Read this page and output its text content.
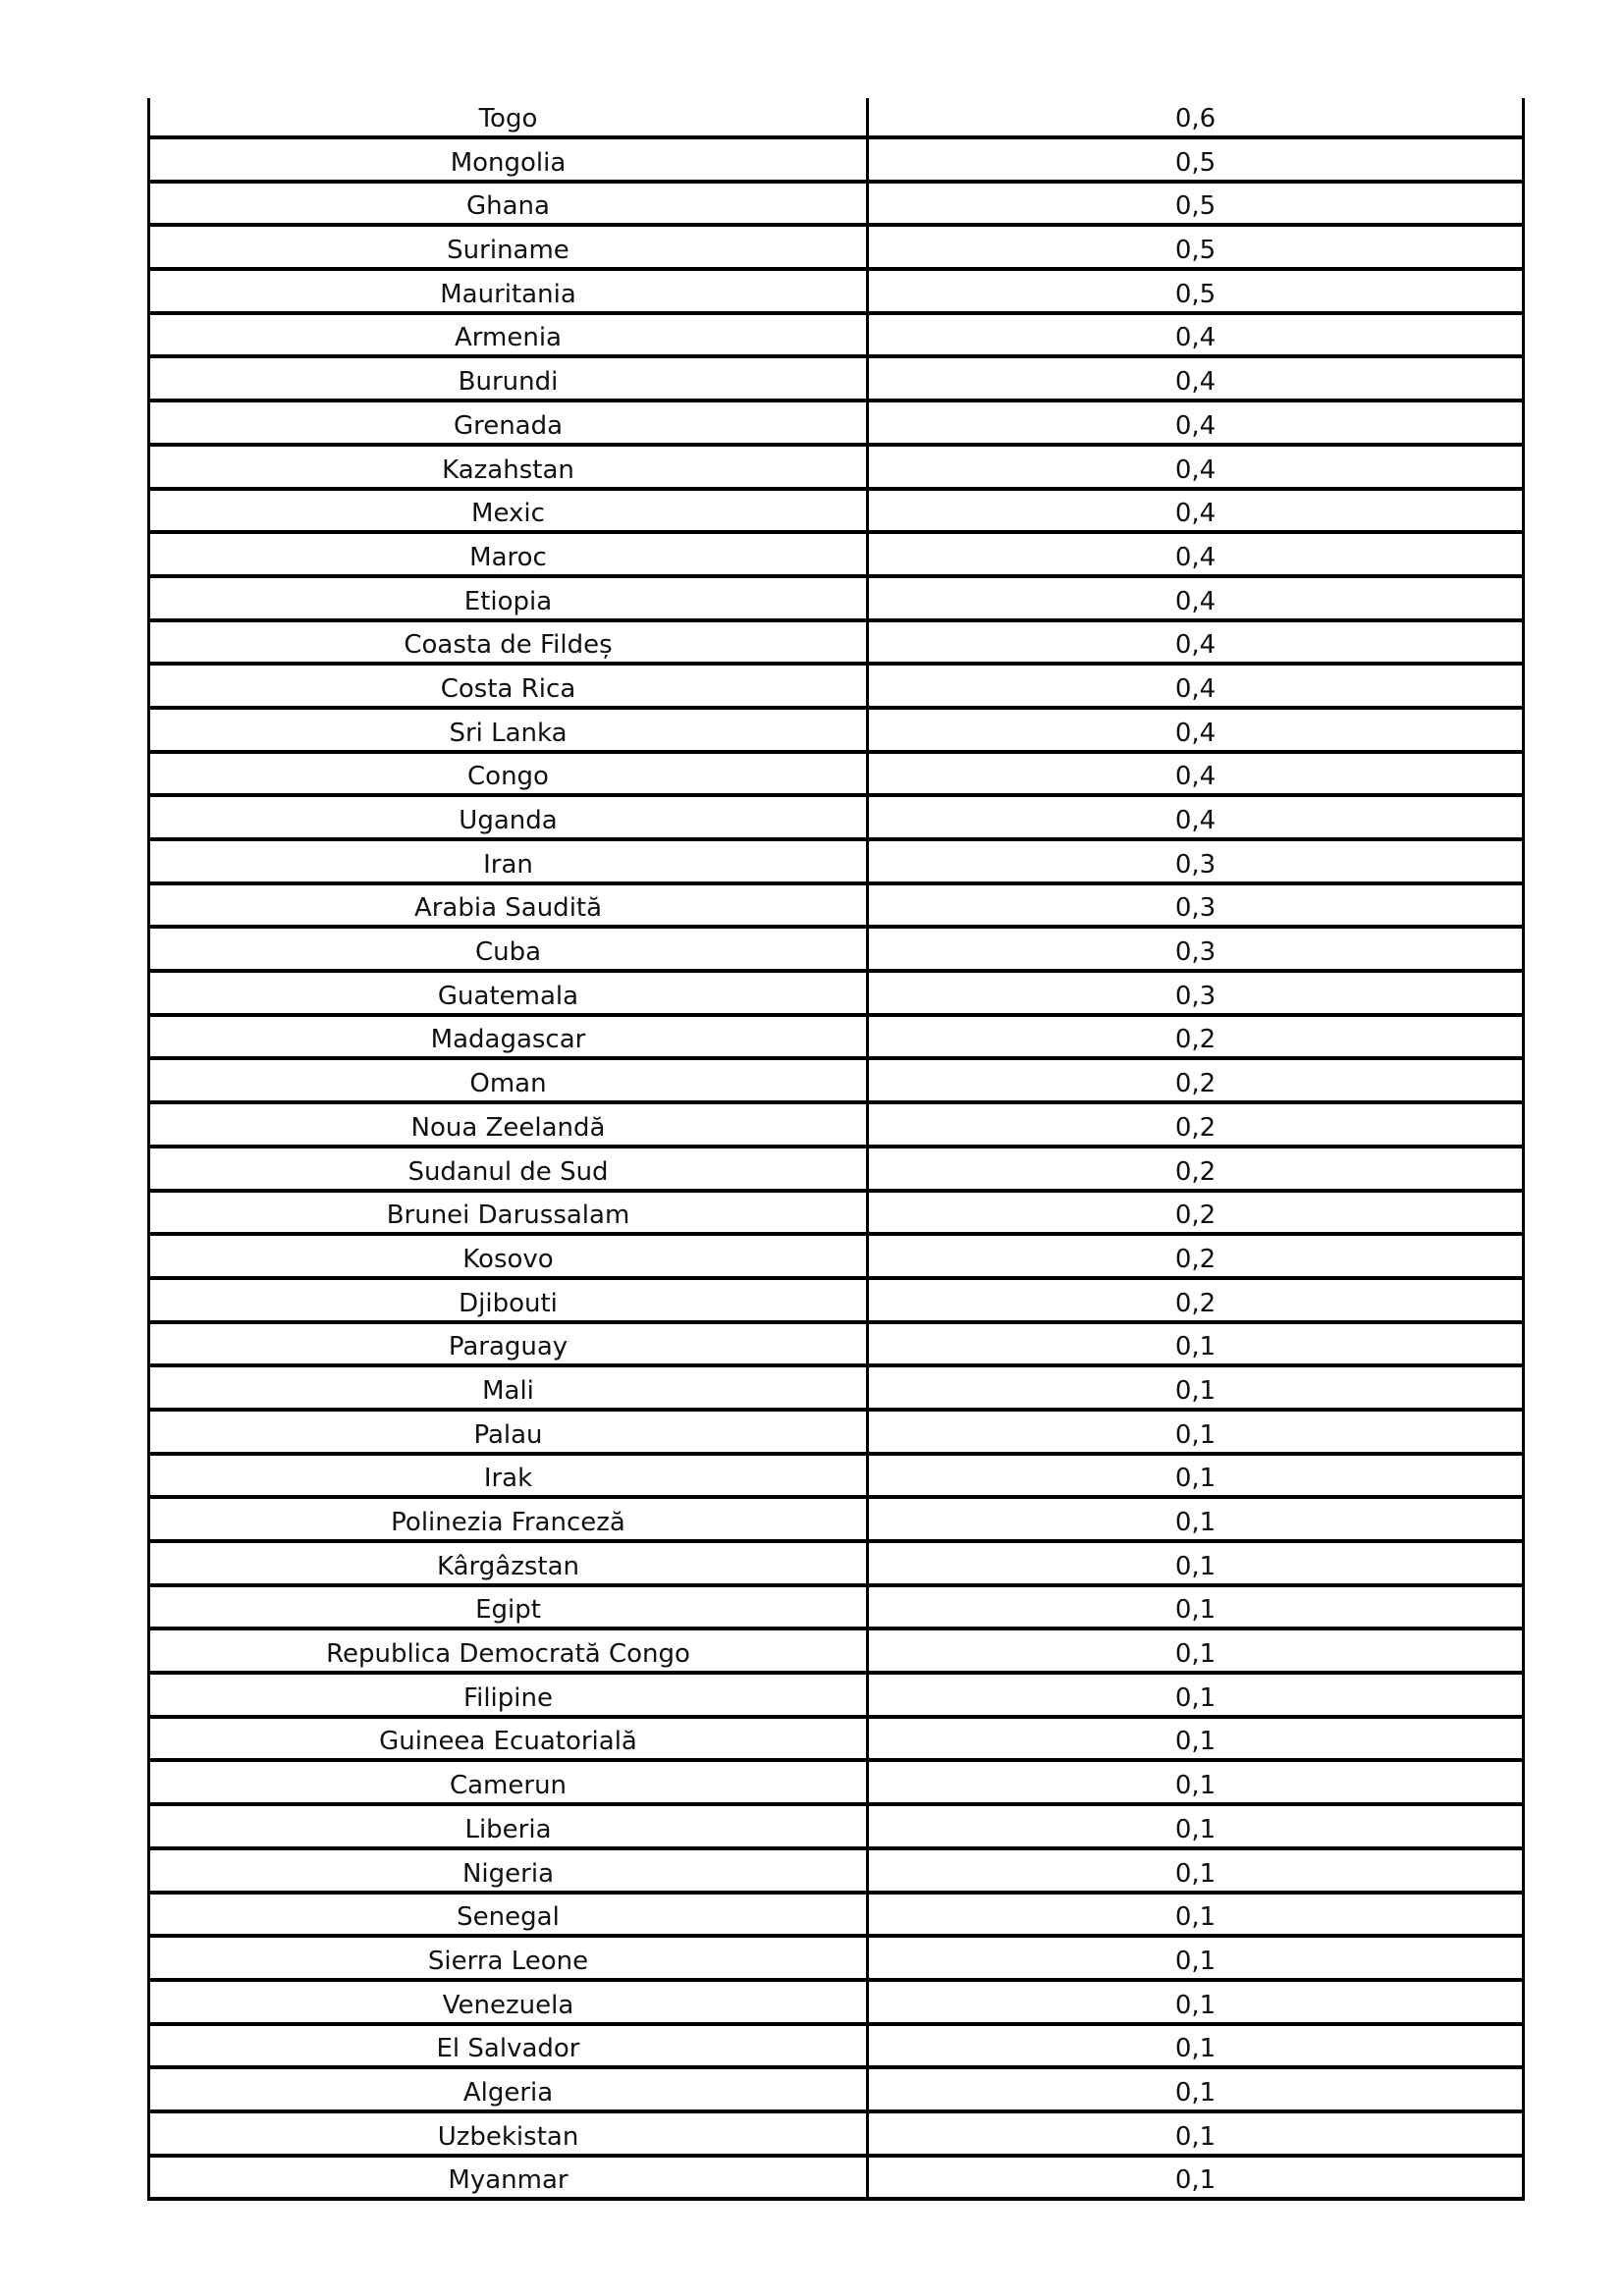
Togo	0,6
Mongolia	0,5
Ghana	0,5
Suriname	0,5
Mauritania	0,5
Armenia	0,4
Burundi	0,4
Grenada	0,4
Kazahstan	0,4
Mexic	0,4
Maroc	0,4
Etiopia	0,4
Coasta de Fildeș	0,4
Costa Rica	0,4
Sri Lanka	0,4
Congo	0,4
Uganda	0,4
Iran	0,3
Arabia Saudită	0,3
Cuba	0,3
Guatemala	0,3
Madagascar	0,2
Oman	0,2
Noua Zeelandă	0,2
Sudanul de Sud	0,2
Brunei Darussalam	0,2
Kosovo	0,2
Djibouti	0,2
Paraguay	0,1
Mali	0,1
Palau	0,1
Irak	0,1
Polinezia Franceză	0,1
Kârgâzstan	0,1
Egipt	0,1
Republica Democrată Congo	0,1
Filipine	0,1
Guineea Ecuatorială	0,1
Camerun	0,1
Liberia	0,1
Nigeria	0,1
Senegal	0,1
Sierra Leone	0,1
Venezuela	0,1
El Salvador	0,1
Algeria	0,1
Uzbekistan	0,1
Myanmar	0,1
